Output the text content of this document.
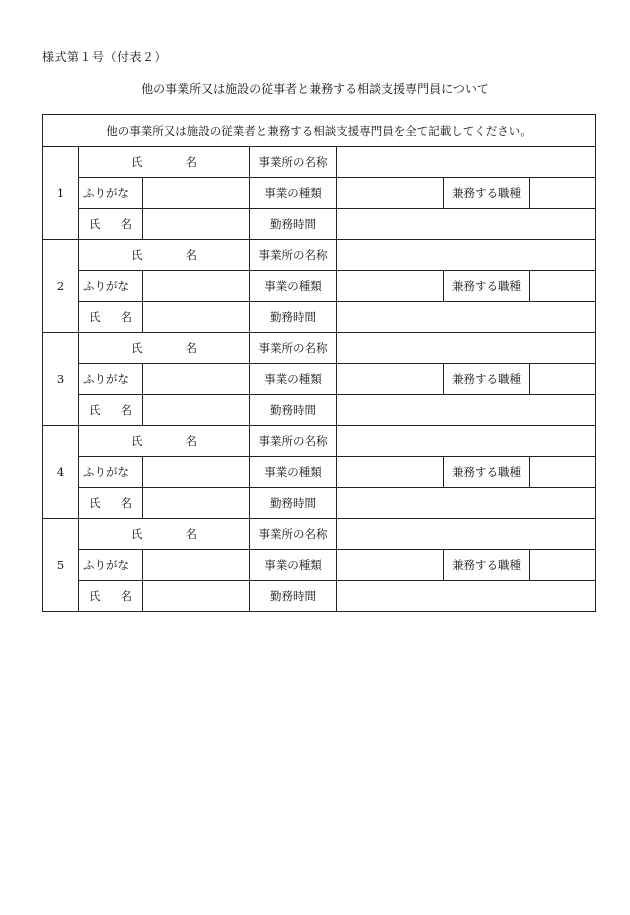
様式第１号（付表２）
他の事業所又は施設の従事者と兼務する相談支援専門員について
他の事業所又は施設の従業者と兼務する相談支援専門員を全て記載してください。						
1	氏 名		事業所の名称			
	ふりがな		事業の種類		兼務する職種	

	氏 名		勤務時間			
2	氏 名		事業所の名称			
	ふりがな		事業の種類		兼務する職種	

	氏 名		勤務時間			
3	氏 名		事業所の名称			
	ふりがな		事業の種類		兼務する職種	

	氏 名		勤務時間			
4	氏 名		事業所の名称			
	ふりがな		事業の種類		兼務する職種	

	氏 名		勤務時間			
5	氏 名		事業所の名称			
	ふりがな		事業の種類		兼務する職種	

	氏 名		勤務時間			
